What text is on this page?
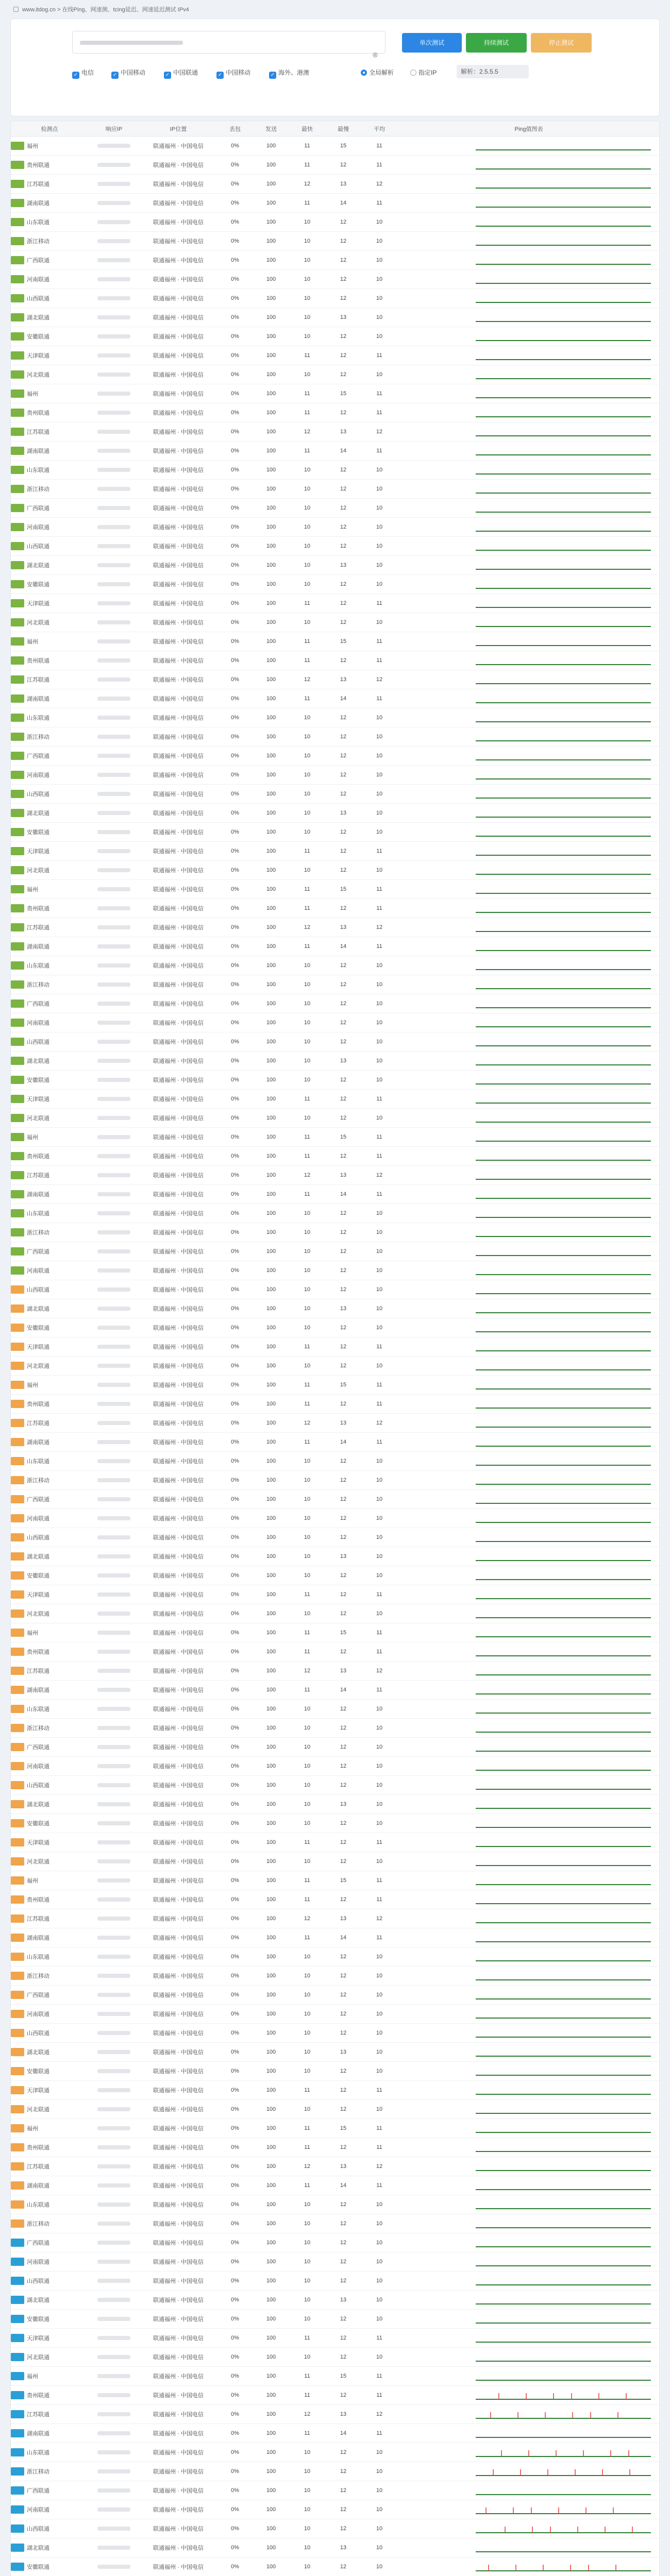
www.itdog.cn > 在线Ping、网速测、tcing延迟、网速延迟测试 IPv4
⊗
单次测试	持续测试	停止测试
✓ 电信	✓ 中国移动	✓ 中国联通	✓ 中国移动	✓ 海外、港澳	全局解析	指定IP	解析：2.5.5.5
检测点	响应IP	IP位置	丢包	发送	最快	最慢	平均	Ping值图表
福州	联通福州 · 中国电信	0%	100	11	15	11
贵州联通	联通福州 · 中国电信	0%	100	11	12	11
江苏联通	联通福州 · 中国电信	0%	100	12	13	12
湖南联通	联通福州 · 中国电信	0%	100	11	14	11
山东联通	联通福州 · 中国电信	0%	100	10	12	10
浙江移动	联通福州 · 中国电信	0%	100	10	12	10
广西联通	联通福州 · 中国电信	0%	100	10	12	10
河南联通	联通福州 · 中国电信	0%	100	10	12	10
山西联通	联通福州 · 中国电信	0%	100	10	12	10
湖北联通	联通福州 · 中国电信	0%	100	10	13	10
安徽联通	联通福州 · 中国电信	0%	100	10	12	10
天津联通	联通福州 · 中国电信	0%	100	11	12	11
河北联通	联通福州 · 中国电信	0%	100	10	12	10
福州	联通福州 · 中国电信	0%	100	11	15	11
贵州联通	联通福州 · 中国电信	0%	100	11	12	11
江苏联通	联通福州 · 中国电信	0%	100	12	13	12
湖南联通	联通福州 · 中国电信	0%	100	11	14	11
山东联通	联通福州 · 中国电信	0%	100	10	12	10
浙江移动	联通福州 · 中国电信	0%	100	10	12	10
广西联通	联通福州 · 中国电信	0%	100	10	12	10
河南联通	联通福州 · 中国电信	0%	100	10	12	10
山西联通	联通福州 · 中国电信	0%	100	10	12	10
湖北联通	联通福州 · 中国电信	0%	100	10	13	10
安徽联通	联通福州 · 中国电信	0%	100	10	12	10
天津联通	联通福州 · 中国电信	0%	100	11	12	11
河北联通	联通福州 · 中国电信	0%	100	10	12	10
福州	联通福州 · 中国电信	0%	100	11	15	11
贵州联通	联通福州 · 中国电信	0%	100	11	12	11
江苏联通	联通福州 · 中国电信	0%	100	12	13	12
湖南联通	联通福州 · 中国电信	0%	100	11	14	11
山东联通	联通福州 · 中国电信	0%	100	10	12	10
浙江移动	联通福州 · 中国电信	0%	100	10	12	10
广西联通	联通福州 · 中国电信	0%	100	10	12	10
河南联通	联通福州 · 中国电信	0%	100	10	12	10
山西联通	联通福州 · 中国电信	0%	100	10	12	10
湖北联通	联通福州 · 中国电信	0%	100	10	13	10
安徽联通	联通福州 · 中国电信	0%	100	10	12	10
天津联通	联通福州 · 中国电信	0%	100	11	12	11
河北联通	联通福州 · 中国电信	0%	100	10	12	10
福州	联通福州 · 中国电信	0%	100	11	15	11
贵州联通	联通福州 · 中国电信	0%	100	11	12	11
江苏联通	联通福州 · 中国电信	0%	100	12	13	12
湖南联通	联通福州 · 中国电信	0%	100	11	14	11
山东联通	联通福州 · 中国电信	0%	100	10	12	10
浙江移动	联通福州 · 中国电信	0%	100	10	12	10
广西联通	联通福州 · 中国电信	0%	100	10	12	10
河南联通	联通福州 · 中国电信	0%	100	10	12	10
山西联通	联通福州 · 中国电信	0%	100	10	12	10
湖北联通	联通福州 · 中国电信	0%	100	10	13	10
安徽联通	联通福州 · 中国电信	0%	100	10	12	10
天津联通	联通福州 · 中国电信	0%	100	11	12	11
河北联通	联通福州 · 中国电信	0%	100	10	12	10
福州	联通福州 · 中国电信	0%	100	11	15	11
贵州联通	联通福州 · 中国电信	0%	100	11	12	11
江苏联通	联通福州 · 中国电信	0%	100	12	13	12
湖南联通	联通福州 · 中国电信	0%	100	11	14	11
山东联通	联通福州 · 中国电信	0%	100	10	12	10
浙江移动	联通福州 · 中国电信	0%	100	10	12	10
广西联通	联通福州 · 中国电信	0%	100	10	12	10
河南联通	联通福州 · 中国电信	0%	100	10	12	10
山西联通	联通福州 · 中国电信	0%	100	10	12	10
湖北联通	联通福州 · 中国电信	0%	100	10	13	10
安徽联通	联通福州 · 中国电信	0%	100	10	12	10
天津联通	联通福州 · 中国电信	0%	100	11	12	11
河北联通	联通福州 · 中国电信	0%	100	10	12	10
福州	联通福州 · 中国电信	0%	100	11	15	11
贵州联通	联通福州 · 中国电信	0%	100	11	12	11
江苏联通	联通福州 · 中国电信	0%	100	12	13	12
湖南联通	联通福州 · 中国电信	0%	100	11	14	11
山东联通	联通福州 · 中国电信	0%	100	10	12	10
浙江移动	联通福州 · 中国电信	0%	100	10	12	10
广西联通	联通福州 · 中国电信	0%	100	10	12	10
河南联通	联通福州 · 中国电信	0%	100	10	12	10
山西联通	联通福州 · 中国电信	0%	100	10	12	10
湖北联通	联通福州 · 中国电信	0%	100	10	13	10
安徽联通	联通福州 · 中国电信	0%	100	10	12	10
天津联通	联通福州 · 中国电信	0%	100	11	12	11
河北联通	联通福州 · 中国电信	0%	100	10	12	10
福州	联通福州 · 中国电信	0%	100	11	15	11
贵州联通	联通福州 · 中国电信	0%	100	11	12	11
江苏联通	联通福州 · 中国电信	0%	100	12	13	12
湖南联通	联通福州 · 中国电信	0%	100	11	14	11
山东联通	联通福州 · 中国电信	0%	100	10	12	10
浙江移动	联通福州 · 中国电信	0%	100	10	12	10
广西联通	联通福州 · 中国电信	0%	100	10	12	10
河南联通	联通福州 · 中国电信	0%	100	10	12	10
山西联通	联通福州 · 中国电信	0%	100	10	12	10
湖北联通	联通福州 · 中国电信	0%	100	10	13	10
安徽联通	联通福州 · 中国电信	0%	100	10	12	10
天津联通	联通福州 · 中国电信	0%	100	11	12	11
河北联通	联通福州 · 中国电信	0%	100	10	12	10
福州	联通福州 · 中国电信	0%	100	11	15	11
贵州联通	联通福州 · 中国电信	0%	100	11	12	11
江苏联通	联通福州 · 中国电信	0%	100	12	13	12
湖南联通	联通福州 · 中国电信	0%	100	11	14	11
山东联通	联通福州 · 中国电信	0%	100	10	12	10
浙江移动	联通福州 · 中国电信	0%	100	10	12	10
广西联通	联通福州 · 中国电信	0%	100	10	12	10
河南联通	联通福州 · 中国电信	0%	100	10	12	10
山西联通	联通福州 · 中国电信	0%	100	10	12	10
湖北联通	联通福州 · 中国电信	0%	100	10	13	10
安徽联通	联通福州 · 中国电信	0%	100	10	12	10
天津联通	联通福州 · 中国电信	0%	100	11	12	11
河北联通	联通福州 · 中国电信	0%	100	10	12	10
福州	联通福州 · 中国电信	0%	100	11	15	11
贵州联通	联通福州 · 中国电信	0%	100	11	12	11
江苏联通	联通福州 · 中国电信	0%	100	12	13	12
湖南联通	联通福州 · 中国电信	0%	100	11	14	11
山东联通	联通福州 · 中国电信	0%	100	10	12	10
浙江移动	联通福州 · 中国电信	0%	100	10	12	10
广西联通	联通福州 · 中国电信	0%	100	10	12	10
河南联通	联通福州 · 中国电信	0%	100	10	12	10
山西联通	联通福州 · 中国电信	0%	100	10	12	10
湖北联通	联通福州 · 中国电信	0%	100	10	13	10
安徽联通	联通福州 · 中国电信	0%	100	10	12	10
天津联通	联通福州 · 中国电信	0%	100	11	12	11
河北联通	联通福州 · 中国电信	0%	100	10	12	10
福州	联通福州 · 中国电信	0%	100	11	15	11
贵州联通	联通福州 · 中国电信	0%	100	11	12	11
江苏联通	联通福州 · 中国电信	0%	100	12	13	12
湖南联通	联通福州 · 中国电信	0%	100	11	14	11
山东联通	联通福州 · 中国电信	0%	100	10	12	10
浙江移动	联通福州 · 中国电信	0%	100	10	12	10
广西联通	联通福州 · 中国电信	0%	100	10	12	10
河南联通	联通福州 · 中国电信	0%	100	10	12	10
山西联通	联通福州 · 中国电信	0%	100	10	12	10
湖北联通	联通福州 · 中国电信	0%	100	10	13	10
安徽联通	联通福州 · 中国电信	0%	100	10	12	10
